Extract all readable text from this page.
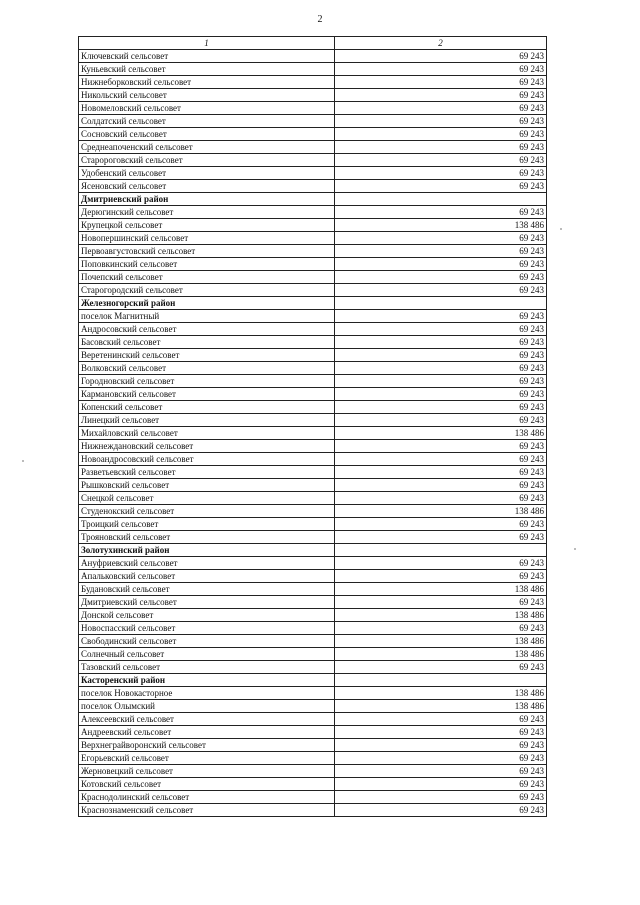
2
1	2
Ключевский сельсовет	69 243
Куньевский сельсовет	69 243
Нижнеборковский сельсовет	69 243
Никольский сельсовет	69 243
Новомеловский сельсовет	69 243
Солдатский сельсовет	69 243
Сосновский сельсовет	69 243
Среднеапоченский сельсовет	69 243
Старороговский сельсовет	69 243
Удобенский сельсовет	69 243
Ясеновский сельсовет	69 243
Дмитриевский район	
Дерюгинский сельсовет	69 243
Крупецкой сельсовет	138 486
Новопершинский сельсовет	69 243
Первоавгустовский сельсовет	69 243
Поповкинский сельсовет	69 243
Почепский сельсовет	69 243
Старогородский сельсовет	69 243
Железногорский район	
поселок Магнитный	69 243
Андросовский сельсовет	69 243
Басовский сельсовет	69 243
Веретенинский сельсовет	69 243
Волковский сельсовет	69 243
Городновский сельсовет	69 243
Кармановский сельсовет	69 243
Копенский сельсовет	69 243
Линецкий сельсовет	69 243
Михайловский сельсовет	138 486
Нижнеждановский сельсовет	69 243
Новоандросовский сельсовет	69 243
Разветьевский сельсовет	69 243
Рышковский сельсовет	69 243
Снецкой сельсовет	69 243
Студенокский сельсовет	138 486
Троицкий сельсовет	69 243
Трояновский сельсовет	69 243
Золотухинский район	
Ануфриевский сельсовет	69 243
Апальковский сельсовет	69 243
Будановский сельсовет	138 486
Дмитриевский сельсовет	69 243
Донской сельсовет	138 486
Новоспасский сельсовет	69 243
Свободинский сельсовет	138 486
Солнечный сельсовет	138 486
Тазовский сельсовет	69 243
Касторенский район	
поселок Новокасторное	138 486
поселок Олымский	138 486
Алексеевский сельсовет	69 243
Андреевский сельсовет	69 243
Верхнеграйворонский сельсовет	69 243
Егорьевский сельсовет	69 243
Жерновецкий сельсовет	69 243
Котовский сельсовет	69 243
Краснодолинский сельсовет	69 243
Краснознаменский сельсовет	69 243
